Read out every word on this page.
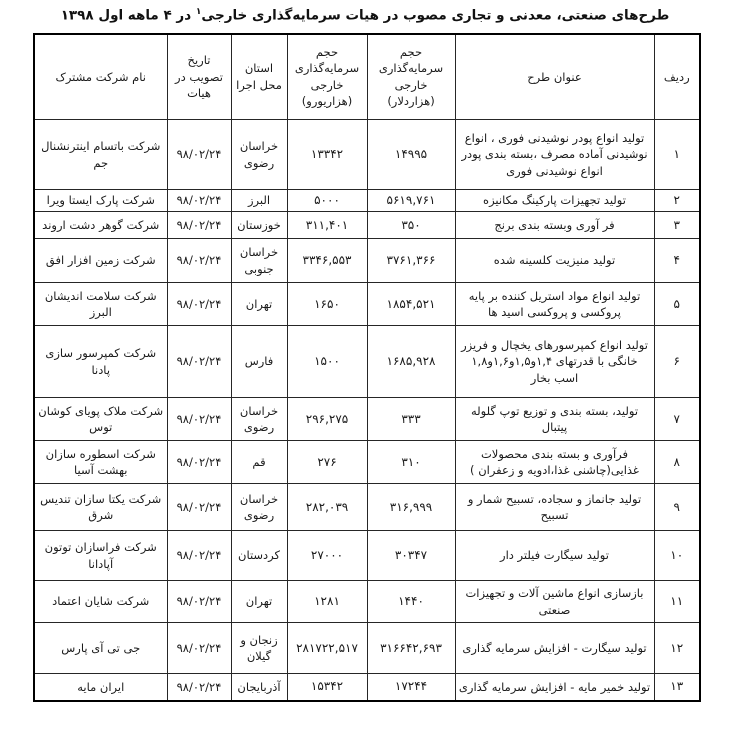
طرح‌های صنعتی، معدنی و تجاری مصوب در هیات سرمایه‌گذاری خارجی$^۱$ در ۴ ماهه اول ۱۳۹۸
ردیف	عنوان طرح	حجم سرمایه‌گذاری خارجی (هزاردلار)	حجم سرمایه‌گذاری خارجی (هزاریورو)	استان محل اجرا	تاریخ تصویب در هیات	نام شرکت مشترک
۱	تولید انواع پودر نوشیدنی فوری ، انواع نوشیدنی آماده مصرف ،بسته بندی پودر انواع نوشیدنی فوری	۱۴۹۹۵	۱۳۳۴۲	خراسان رضوی	۹۸/۰۲/۲۴	شرکت باتسام اینترنشنال جم
۲	تولید تجهیزات پارکینگ مکانیزه	۵۶۱۹,۷۶۱	۵۰۰۰	البرز	۹۸/۰۲/۲۴	شرکت پارک ایستا ویرا
۳	فر آوری وبسته بندی برنج	۳۵۰	۳۱۱,۴۰۱	خوزستان	۹۸/۰۲/۲۴	شرکت گوهر دشت اروند
۴	تولید منیزیت کلسینه شده	۳۷۶۱,۳۶۶	۳۳۴۶,۵۵۳	خراسان جنوبی	۹۸/۰۲/۲۴	شرکت زمین افزار افق
۵	تولید انواع مواد استریل کننده بر پایه پروکسی و پروکسی اسید ها	۱۸۵۴,۵۲۱	۱۶۵۰	تهران	۹۸/۰۲/۲۴	شرکت سلامت اندیشان البرز
۶	تولید انواع کمپرسورهای یخچال و فریزر خانگی با قدرتهای ۱,۴و۱,۵و۱,۶و۱,۸ اسب بخار	۱۶۸۵,۹۲۸	۱۵۰۰	فارس	۹۸/۰۲/۲۴	شرکت کمپرسور سازی پادنا
۷	تولید، بسته بندی و توزیع توپ گلوله پیتبال	۳۳۳	۲۹۶,۲۷۵	خراسان رضوی	۹۸/۰۲/۲۴	شرکت ملاک پویای کوشان توس
۸	فرآوری و بسته بندی محصولات غذایی(چاشنی غذا،ادویه و زعفران )	۳۱۰	۲۷۶	قم	۹۸/۰۲/۲۴	شرکت اسطوره سازان بهشت آسیا
۹	تولید جانماز و سجاده، تسبیح شمار و تسبیح	۳۱۶,۹۹۹	۲۸۲,۰۳۹	خراسان رضوی	۹۸/۰۲/۲۴	شرکت یکتا سازان تندیس شرق
۱۰	تولید سیگارت فیلتر دار	۳۰۳۴۷	۲۷۰۰۰	کردستان	۹۸/۰۲/۲۴	شرکت فراسازان توتون آپادانا
۱۱	بازسازی انواع ماشین آلات و تجهیزات صنعتی	۱۴۴۰	۱۲۸۱	تهران	۹۸/۰۲/۲۴	شرکت شایان اعتماد
۱۲	تولید سیگارت - افزایش سرمایه گذاری	۳۱۶۶۴۲,۶۹۳	۲۸۱۷۲۲,۵۱۷	زنجان و گیلان	۹۸/۰۲/۲۴	جی تی آی پارس
۱۳	تولید خمیر مایه - افزایش سرمایه گذاری	۱۷۲۴۴	۱۵۳۴۲	آذربایجان	۹۸/۰۲/۲۴	ایران مایه
